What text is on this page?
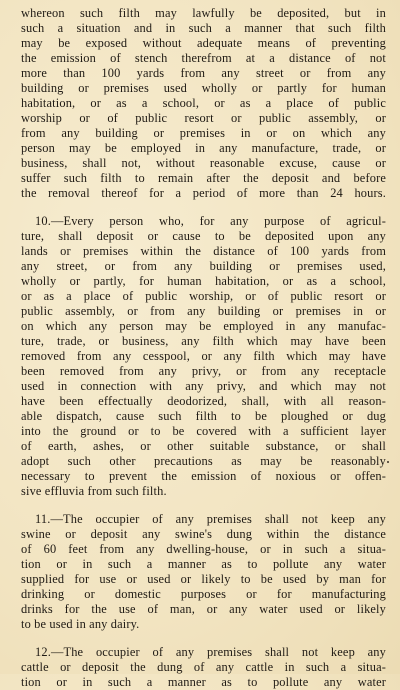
whereon such filth may lawfully be deposited, but in
such a situation and in such a manner that such filth
may be exposed without adequate means of preventing
the emission of stench therefrom at a distance of not
more than 100 yards from any street or from any
building or premises used wholly or partly for human
habitation, or as a school, or as a place of public
worship or of public resort or public assembly, or
from any building or premises in or on which any
person may be employed in any manufacture, trade, or
business, shall not, without reasonable excuse, cause or
suffer such filth to remain after the deposit and before
the removal thereof for a period of more than 24 hours.

10.—Every person who, for any purpose of agricul-
ture, shall deposit or cause to be deposited upon any
lands or premises within the distance of 100 yards from
any street, or from any building or premises used,
wholly or partly, for human habitation, or as a school,
or as a place of public worship, or of public resort or
public assembly, or from any building or premises in or
on which any person may be employed in any manufac-
ture, trade, or business, any filth which may have been
removed from any cesspool, or any filth which may have
been removed from any privy, or from any receptacle
used in connection with any privy, and which may not
have been effectually deodorized, shall, with all reason-
able dispatch, cause such filth to be ploughed or dug
into the ground or to be covered with a sufficient layer
of earth, ashes, or other suitable substance, or shall
adopt such other precautions as may be reasonably
necessary to prevent the emission of noxious or offen-
sive effluvia from such filth.

11.—The occupier of any premises shall not keep any
swine or deposit any swine's dung within the distance
of 60 feet from any dwelling-house, or in such a situa-
tion or in such a manner as to pollute any water
supplied for use or used or likely to be used by man for
drinking or domestic purposes or for manufacturing
drinks for the use of man, or any water used or likely
to be used in any dairy.

12.—The occupier of any premises shall not keep any
cattle or deposit the dung of any cattle in such a situa-
tion or in such a manner as to pollute any water
